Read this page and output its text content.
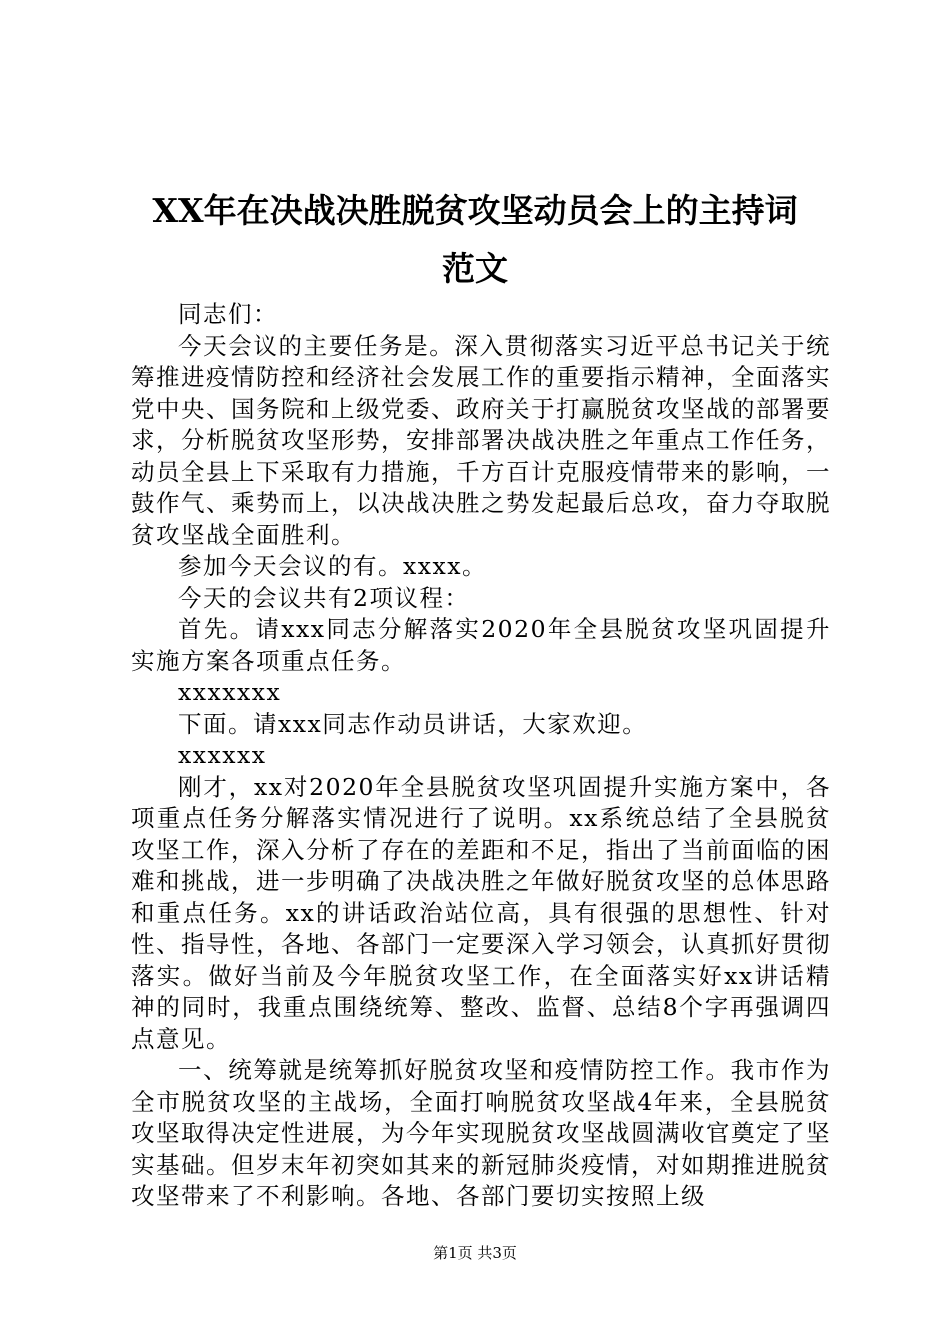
XX年在决战决胜脱贫攻坚动员会上的主持词
范文

同志们：

今天会议的主要任务是。深入贯彻落实习近平总书记关于统筹推进疫情防控和经济社会发展工作的重要指示精神，全面落实党中央、国务院和上级党委、政府关于打赢脱贫攻坚战的部署要求，分析脱贫攻坚形势，安排部署决战决胜之年重点工作任务，动员全县上下采取有力措施，千方百计克服疫情带来的影响，一鼓作气、乘势而上，以决战决胜之势发起最后总攻，奋力夺取脱贫攻坚战全面胜利。

参加今天会议的有。xxxx。

今天的会议共有2项议程：

首先。请xxx同志分解落实2020年全县脱贫攻坚巩固提升实施方案各项重点任务。

xxxxxxx

下面。请xxx同志作动员讲话，大家欢迎。

xxxxxx

刚才，xx对2020年全县脱贫攻坚巩固提升实施方案中，各项重点任务分解落实情况进行了说明。xx系统总结了全县脱贫攻坚工作，深入分析了存在的差距和不足，指出了当前面临的困难和挑战，进一步明确了决战决胜之年做好脱贫攻坚的总体思路和重点任务。xx的讲话政治站位高，具有很强的思想性、针对性、指导性，各地、各部门一定要深入学习领会，认真抓好贯彻落实。做好当前及今年脱贫攻坚工作，在全面落实好xx讲话精神的同时，我重点围绕统筹、整改、监督、总结8个字再强调四点意见。

一、统筹就是统筹抓好脱贫攻坚和疫情防控工作。我市作为全市脱贫攻坚的主战场，全面打响脱贫攻坚战4年来，全县脱贫攻坚取得决定性进展，为今年实现脱贫攻坚战圆满收官奠定了坚实基础。但岁末年初突如其来的新冠肺炎疫情，对如期推进脱贫攻坚带来了不利影响。各地、各部门要切实按照上级

第1页 共3页
